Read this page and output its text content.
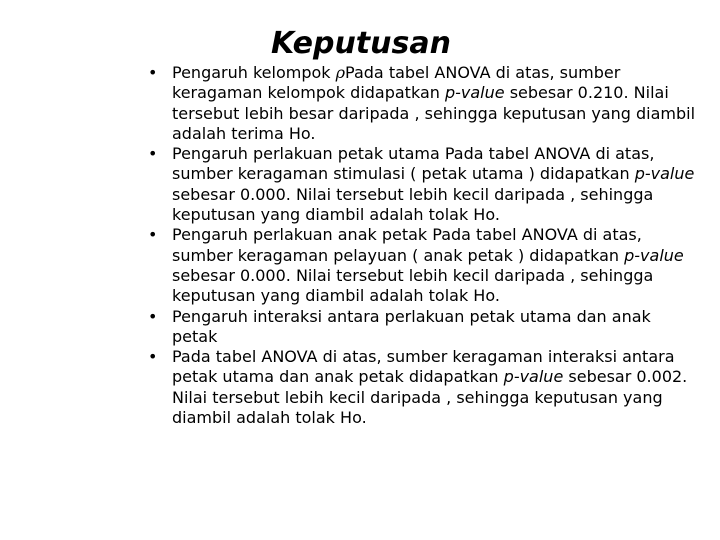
Keputusan
• Pengaruh kelompok ρPada tabel ANOVA di atas, sumber keragaman kelompok didapatkan p-value sebesar 0.210. Nilai tersebut lebih besar daripada , sehingga keputusan yang diambil adalah terima Ho.
• Pengaruh perlakuan petak utama Pada tabel ANOVA di atas, sumber keragaman stimulasi ( petak utama ) didapatkan p-value sebesar 0.000. Nilai tersebut lebih kecil daripada , sehingga keputusan yang diambil adalah tolak Ho.
• Pengaruh perlakuan anak petak Pada tabel ANOVA di atas, sumber keragaman pelayuan ( anak petak ) didapatkan p-value sebesar 0.000. Nilai tersebut lebih kecil daripada , sehingga keputusan yang diambil adalah tolak Ho.
• Pengaruh interaksi antara perlakuan petak utama dan anak petak
• Pada tabel ANOVA di atas, sumber keragaman interaksi antara petak utama dan anak petak didapatkan p-value sebesar 0.002. Nilai tersebut lebih kecil daripada , sehingga keputusan yang diambil adalah tolak Ho.
